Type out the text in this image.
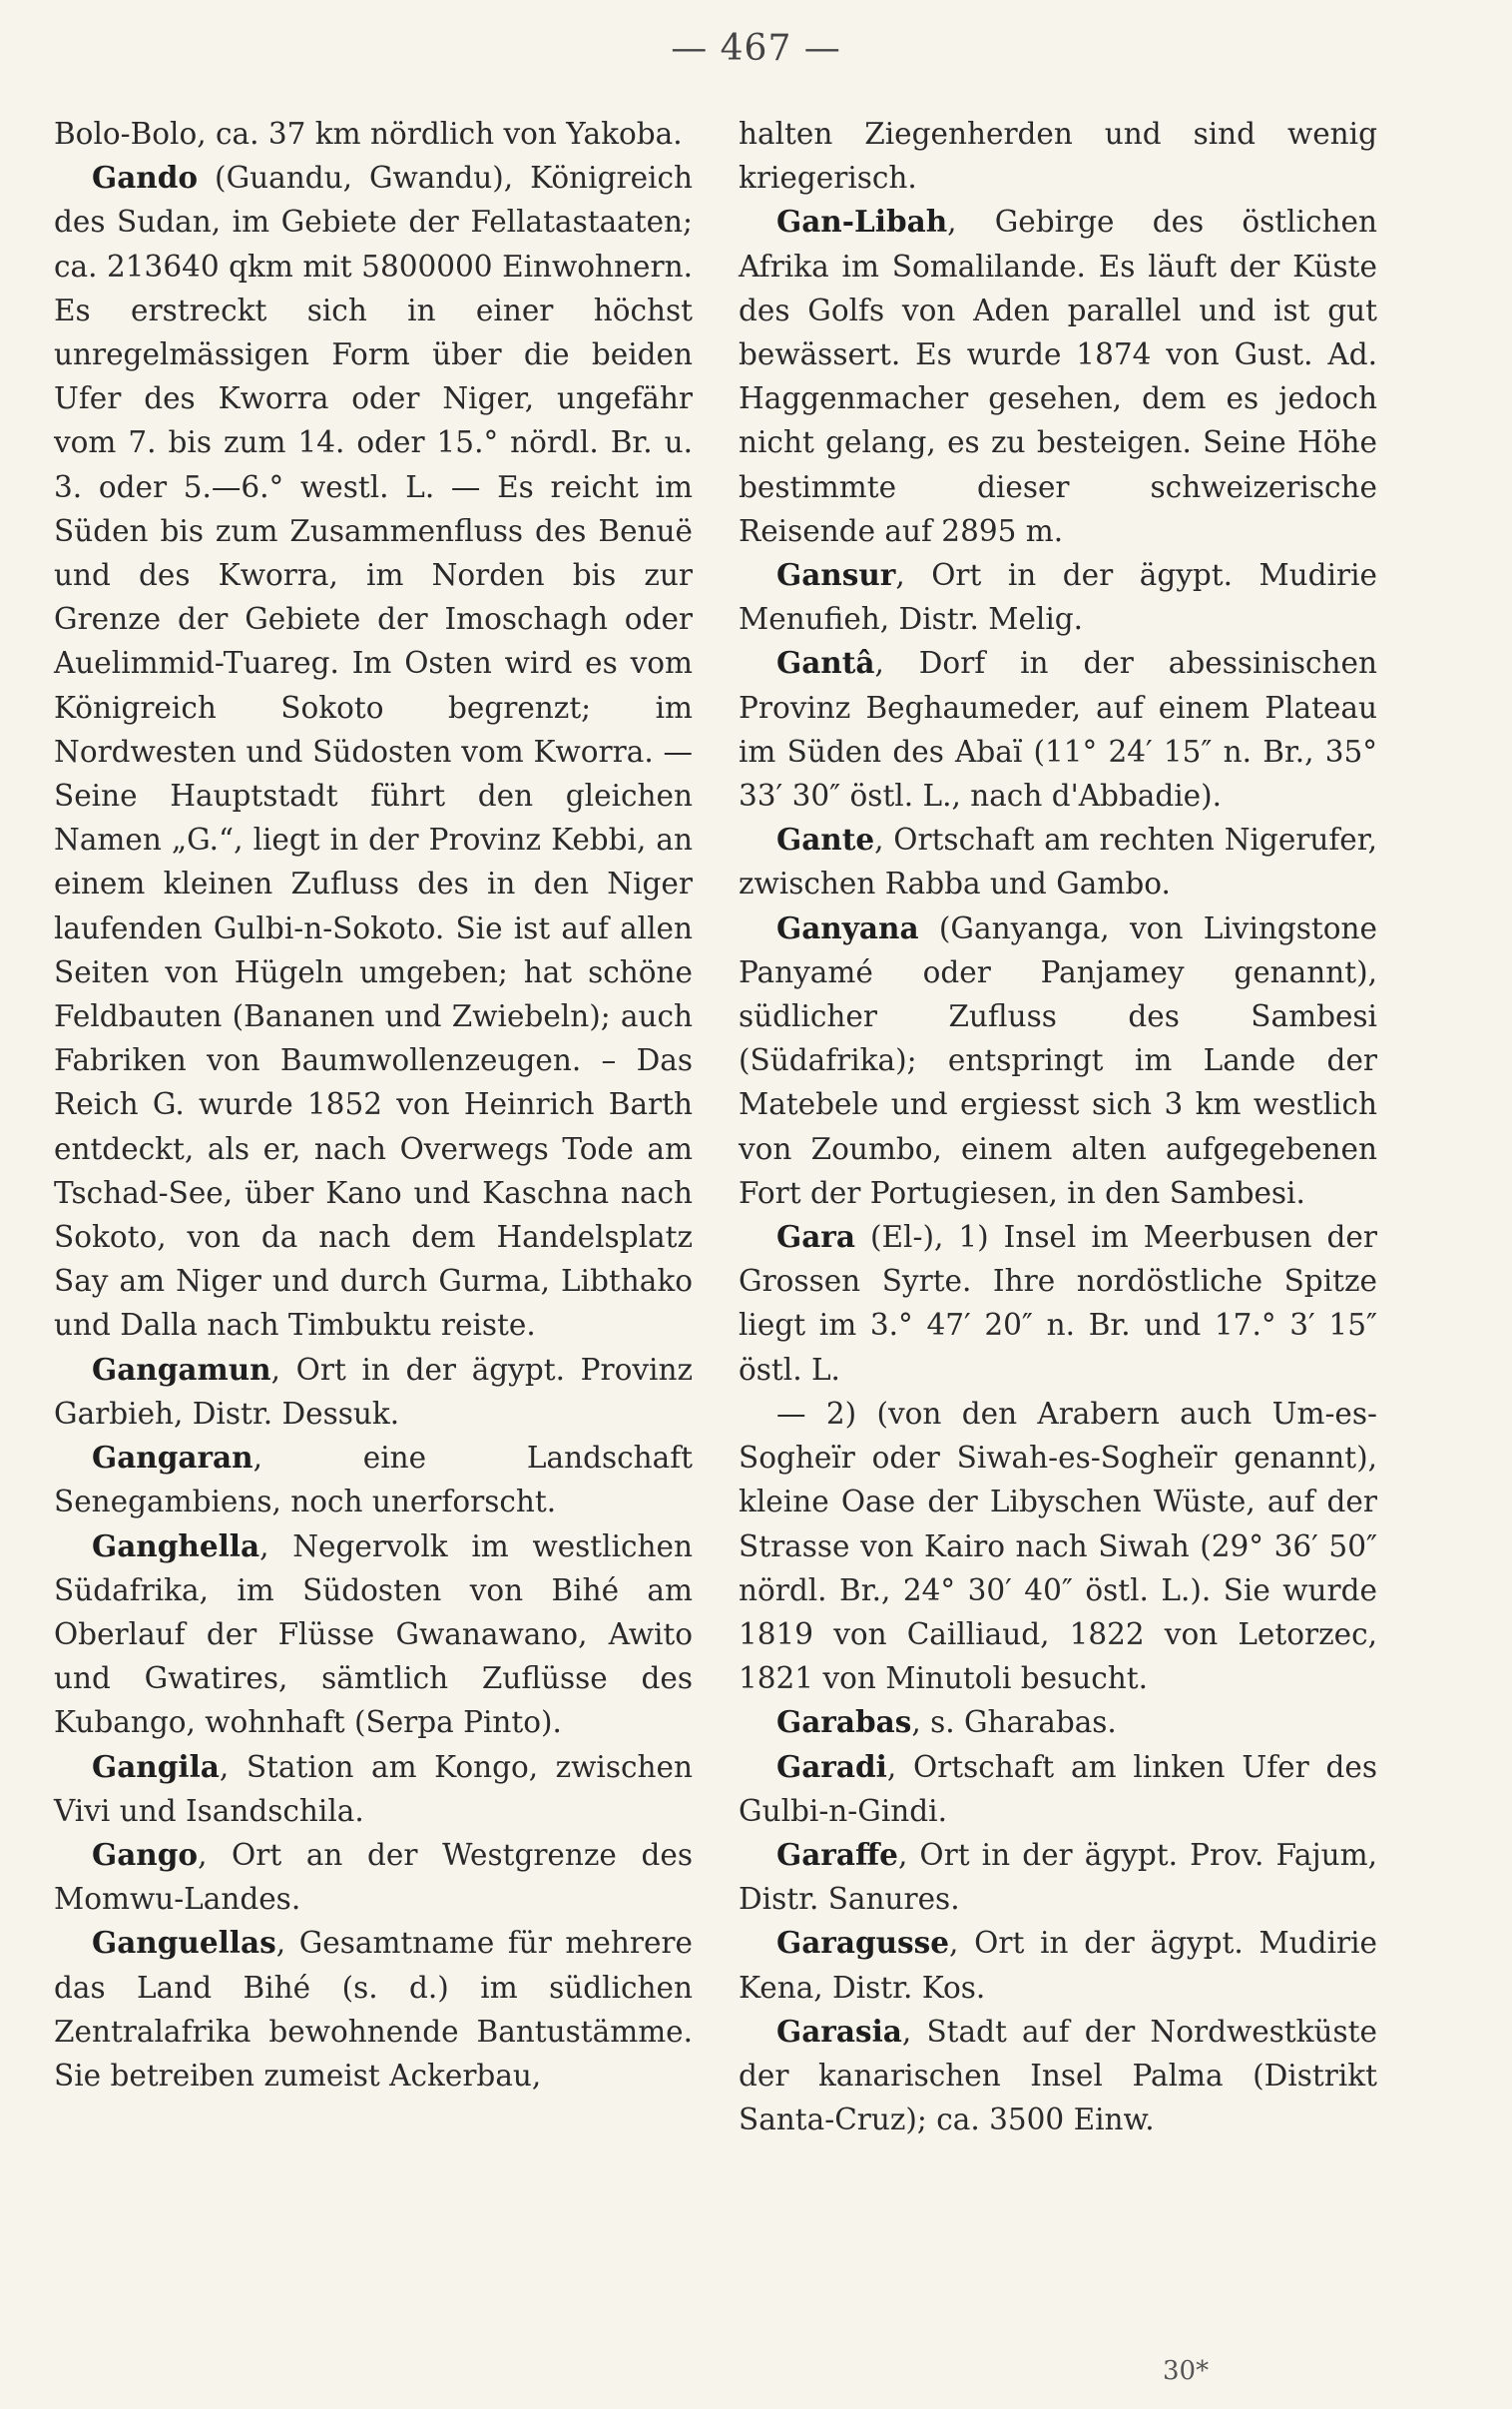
— 467 —

Bolo-Bolo, ca. 37 km nördlich von Yakoba.

Gando (Guandu, Gwandu), Königreich des Sudan, im Gebiete der Fellatastaaten; ca. 213640 qkm mit 5800000 Einwohnern. Es erstreckt sich in einer höchst unregelmässigen Form über die beiden Ufer des Kworra oder Niger, ungefähr vom 7. bis zum 14. oder 15.° nördl. Br. u. 3. oder 5.—6.° westl. L. — Es reicht im Süden bis zum Zusammenfluss des Benuë und des Kworra, im Norden bis zur Grenze der Gebiete der Imoschagh oder Auelimmid-Tuareg. Im Osten wird es vom Königreich Sokoto begrenzt; im Nordwesten und Südosten vom Kworra. — Seine Hauptstadt führt den gleichen Namen „G.“, liegt in der Provinz Kebbi, an einem kleinen Zufluss des in den Niger laufenden Gulbi-n-Sokoto. Sie ist auf allen Seiten von Hügeln umgeben; hat schöne Feldbauten (Bananen und Zwiebeln); auch Fabriken von Baumwollenzeugen. – Das Reich G. wurde 1852 von Heinrich Barth entdeckt, als er, nach Overwegs Tode am Tschad-See, über Kano und Kaschna nach Sokoto, von da nach dem Handelsplatz Say am Niger und durch Gurma, Libthako und Dalla nach Timbuktu reiste.

Gangamun, Ort in der ägypt. Provinz Garbieh, Distr. Dessuk.

Gangaran, eine Landschaft Senegambiens, noch unerforscht.

Ganghella, Negervolk im westlichen Südafrika, im Südosten von Bihé am Oberlauf der Flüsse Gwanawano, Awito und Gwatires, sämtlich Zuflüsse des Kubango, wohnhaft (Serpa Pinto).

Gangila, Station am Kongo, zwischen Vivi und Isandschila.

Gango, Ort an der Westgrenze des Momwu-Landes.

Ganguellas, Gesamtname für mehrere das Land Bihé (s. d.) im südlichen Zentralafrika bewohnende Bantustämme. Sie betreiben zumeist Ackerbau,

halten Ziegenherden und sind wenig kriegerisch.

Gan-Libah, Gebirge des östlichen Afrika im Somalilande. Es läuft der Küste des Golfs von Aden parallel und ist gut bewässert. Es wurde 1874 von Gust. Ad. Haggenmacher gesehen, dem es jedoch nicht gelang, es zu besteigen. Seine Höhe bestimmte dieser schweizerische Reisende auf 2895 m.

Gansur, Ort in der ägypt. Mudirie Menufieh, Distr. Melig.

Gantâ, Dorf in der abessinischen Provinz Beghaumeder, auf einem Plateau im Süden des Abaï (11° 24′ 15″ n. Br., 35° 33′ 30″ östl. L., nach d'Abbadie).

Gante, Ortschaft am rechten Nigerufer, zwischen Rabba und Gambo.

Ganyana (Ganyanga, von Livingstone Panyamé oder Panjamey genannt), südlicher Zufluss des Sambesi (Südafrika); entspringt im Lande der Matebele und ergiesst sich 3 km westlich von Zoumbo, einem alten aufgegebenen Fort der Portugiesen, in den Sambesi.

Gara (El-), 1) Insel im Meerbusen der Grossen Syrte. Ihre nordöstliche Spitze liegt im 3.° 47′ 20″ n. Br. und 17.° 3′ 15″ östl. L.

— 2) (von den Arabern auch Um-es-Sogheïr oder Siwah-es-Sogheïr genannt), kleine Oase der Libyschen Wüste, auf der Strasse von Kairo nach Siwah (29° 36′ 50″ nördl. Br., 24° 30′ 40″ östl. L.). Sie wurde 1819 von Cailliaud, 1822 von Letorzec, 1821 von Minutoli besucht.

Garabas, s. Gharabas.

Garadi, Ortschaft am linken Ufer des Gulbi-n-Gindi.

Garaffe, Ort in der ägypt. Prov. Fajum, Distr. Sanures.

Garagusse, Ort in der ägypt. Mudirie Kena, Distr. Kos.

Garasia, Stadt auf der Nordwestküste der kanarischen Insel Palma (Distrikt Santa-Cruz); ca. 3500 Einw.

30*
